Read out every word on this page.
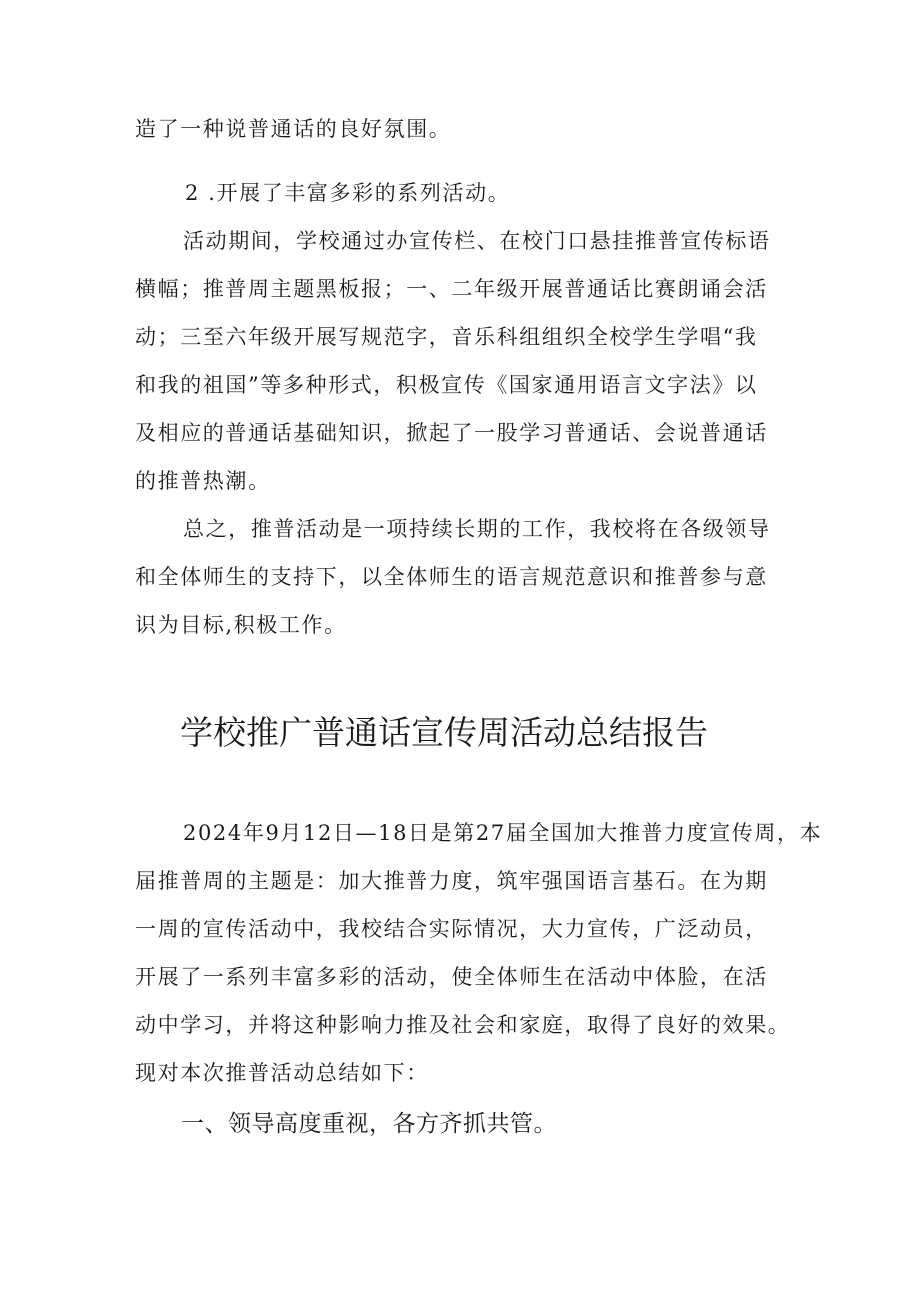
造了一种说普通话的良好氛围。
2 .开展了丰富多彩的系列活动。
活动期间，学校通过办宣传栏、在校门口悬挂推普宣传标语
横幅；推普周主题黑板报；一、二年级开展普通话比赛朗诵会活
动；三至六年级开展写规范字，音乐科组组织全校学生学唱“我
和我的祖国”等多种形式，积极宣传《国家通用语言文字法》以
及相应的普通话基础知识，掀起了一股学习普通话、会说普通话
的推普热潮。
总之，推普活动是一项持续长期的工作，我校将在各级领导
和全体师生的支持下，以全体师生的语言规范意识和推普参与意
识为目标,积极工作。
学校推广普通话宣传周活动总结报告
2024年9月12日—18日是第27届全国加大推普力度宣传周，本
届推普周的主题是：加大推普力度，筑牢强国语言基石。在为期
一周的宣传活动中，我校结合实际情况，大力宣传，广泛动员，
开展了一系列丰富多彩的活动，使全体师生在活动中体脸，在活
动中学习，并将这种影响力推及社会和家庭，取得了良好的效果。
现对本次推普活动总结如下：
一、领导高度重视，各方齐抓共管。
